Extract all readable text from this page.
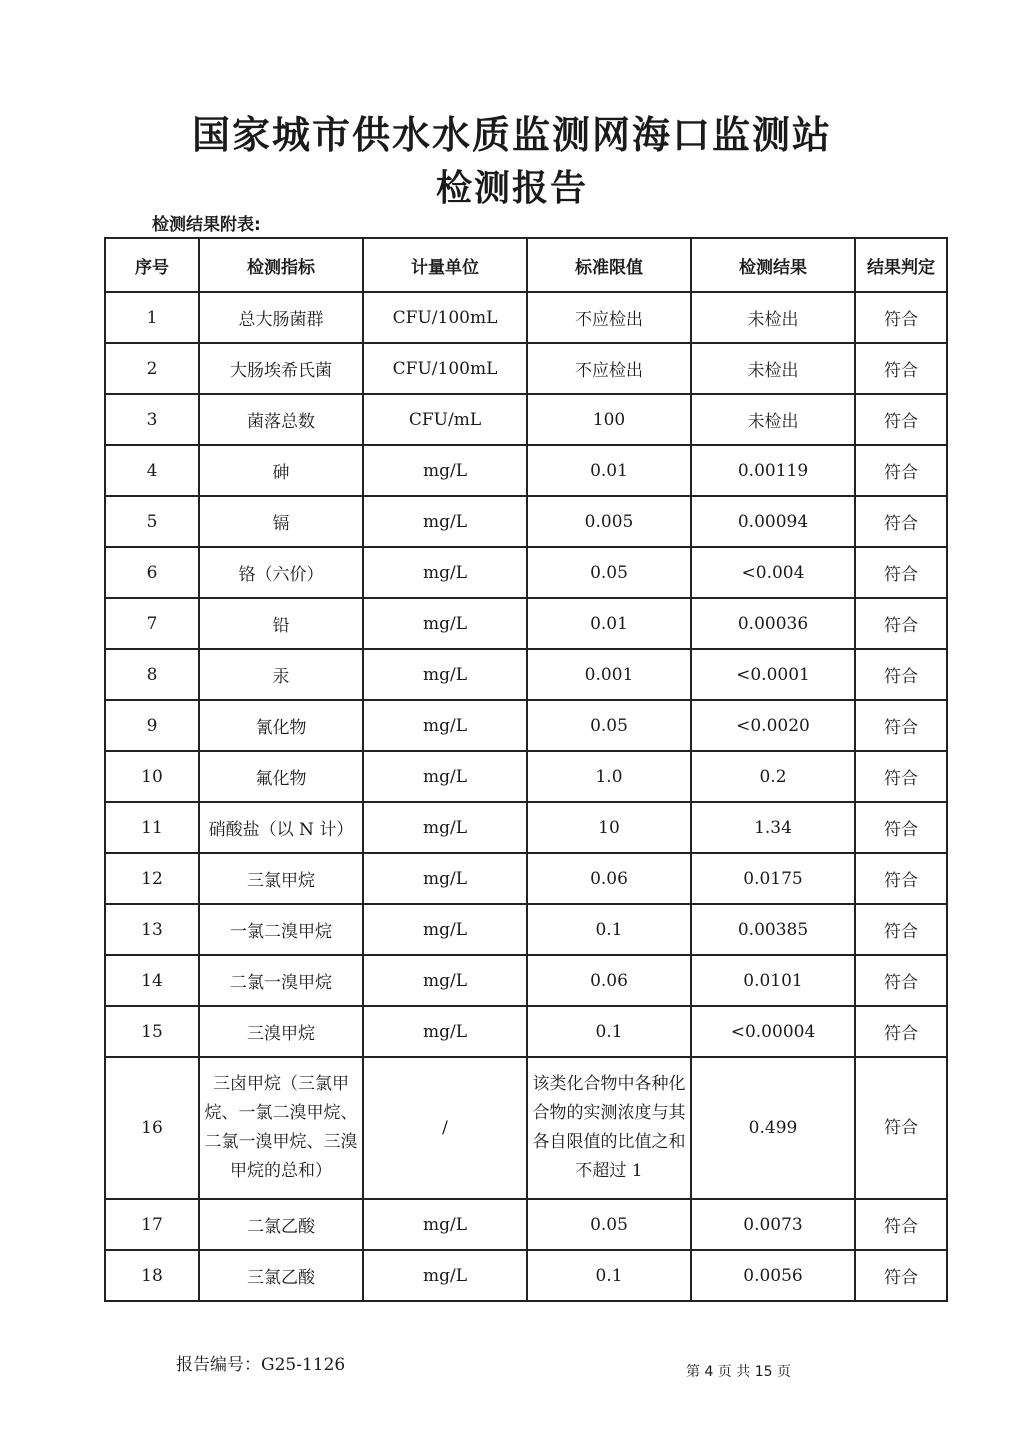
国家城市供水水质监测网海口监测站
检测报告
检测结果附表:
序号	检测指标	计量单位	标准限值	检测结果	结果判定
1	总大肠菌群	CFU/100mL	不应检出	未检出	符合
2	大肠埃希氏菌	CFU/100mL	不应检出	未检出	符合
3	菌落总数	CFU/mL	100	未检出	符合
4	砷	mg/L	0.01	0.00119	符合
5	镉	mg/L	0.005	0.00094	符合
6	铬（六价）	mg/L	0.05	<0.004	符合
7	铅	mg/L	0.01	0.00036	符合
8	汞	mg/L	0.001	<0.0001	符合
9	氰化物	mg/L	0.05	<0.0020	符合
10	氟化物	mg/L	1.0	0.2	符合
11	硝酸盐（以 N 计）	mg/L	10	1.34	符合
12	三氯甲烷	mg/L	0.06	0.0175	符合
13	一氯二溴甲烷	mg/L	0.1	0.00385	符合
14	二氯一溴甲烷	mg/L	0.06	0.0101	符合
15	三溴甲烷	mg/L	0.1	<0.00004	符合
16	三卤甲烷（三氯甲烷、一氯二溴甲烷、二氯一溴甲烷、三溴甲烷的总和）	/	该类化合物中各种化合物的实测浓度与其各自限值的比值之和不超过 1	0.499	符合
17	二氯乙酸	mg/L	0.05	0.0073	符合
18	三氯乙酸	mg/L	0.1	0.0056	符合
报告编号：G25-1126	第 4 页 共 15 页
